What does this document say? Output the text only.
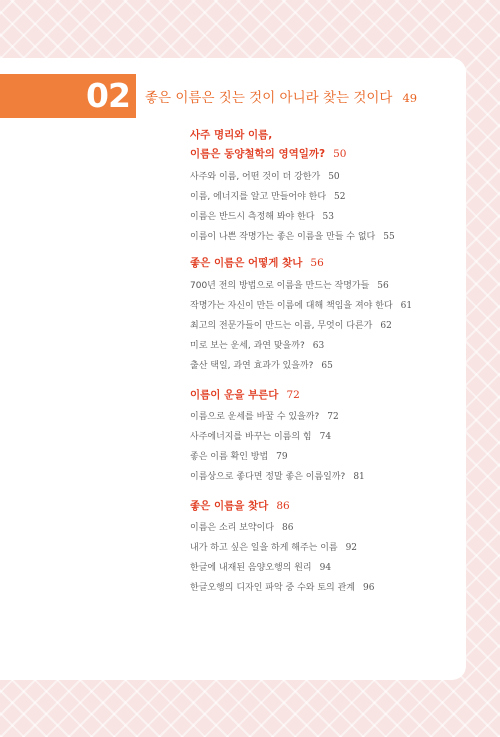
02 좋은 이름은 짓는 것이 아니라 찾는 것이다 49
사주 명리와 이름,
이름은 동양철학의 영역일까? 50
사주와 이름, 어떤 것이 더 강한가 50
이름, 에너지를 알고 만들어야 한다 52
이름은 반드시 측정해 봐야 한다 53
이름이 나쁜 작명가는 좋은 이름을 만들 수 없다 55
좋은 이름은 어떻게 찾나 56
700년 전의 방법으로 이름을 만드는 작명가들 56
작명가는 자신이 만든 이름에 대해 책임을 져야 한다 61
최고의 전문가들이 만드는 이름, 무엇이 다른가 62
미로 보는 운세, 과연 맞을까? 63
출산 택일, 과연 효과가 있을까? 65
이름이 운을 부른다 72
이름으로 운세를 바꿀 수 있을까? 72
사주에너지를 바꾸는 이름의 힘 74
좋은 이름 확인 방법 79
이름상으로 좋다면 정말 좋은 이름일까? 81
좋은 이름을 찾다 86
이름은 소리 보약이다 86
내가 하고 싶은 일을 하게 해주는 이름 92
한글에 내재된 음양오행의 원리 94
한글오행의 디자인 파악 중 수와 토의 관계 96
